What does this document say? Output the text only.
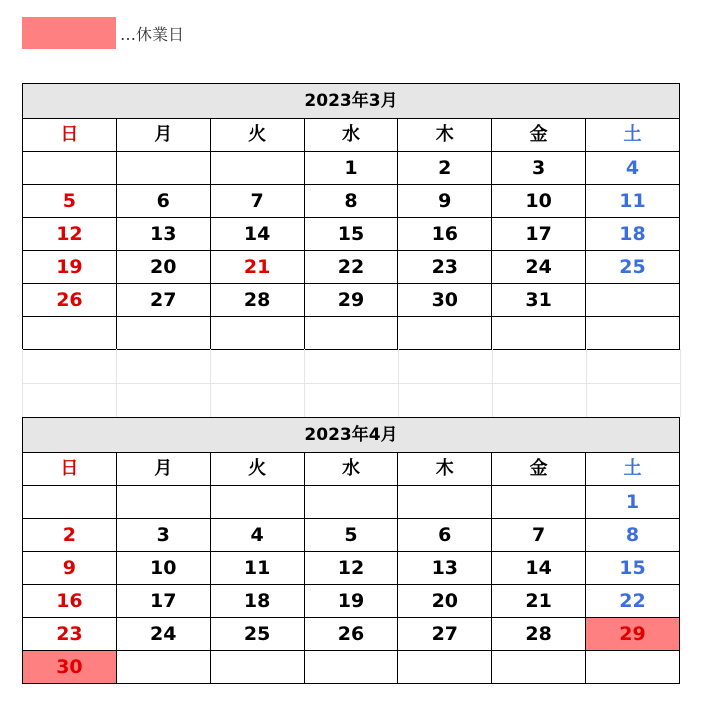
…休業日
2023年3月						
日	月	火	水	木	金	土
			1	2	3	4
5	6	7	8	9	10	11
12	13	14	15	16	17	18
19	20	21	22	23	24	25
26	27	28	29	30	31	

2023年4月						
日	月	火	水	木	金	土
						1
2	3	4	5	6	7	8
9	10	11	12	13	14	15
16	17	18	19	20	21	22
23	24	25	26	27	28	29
30						
